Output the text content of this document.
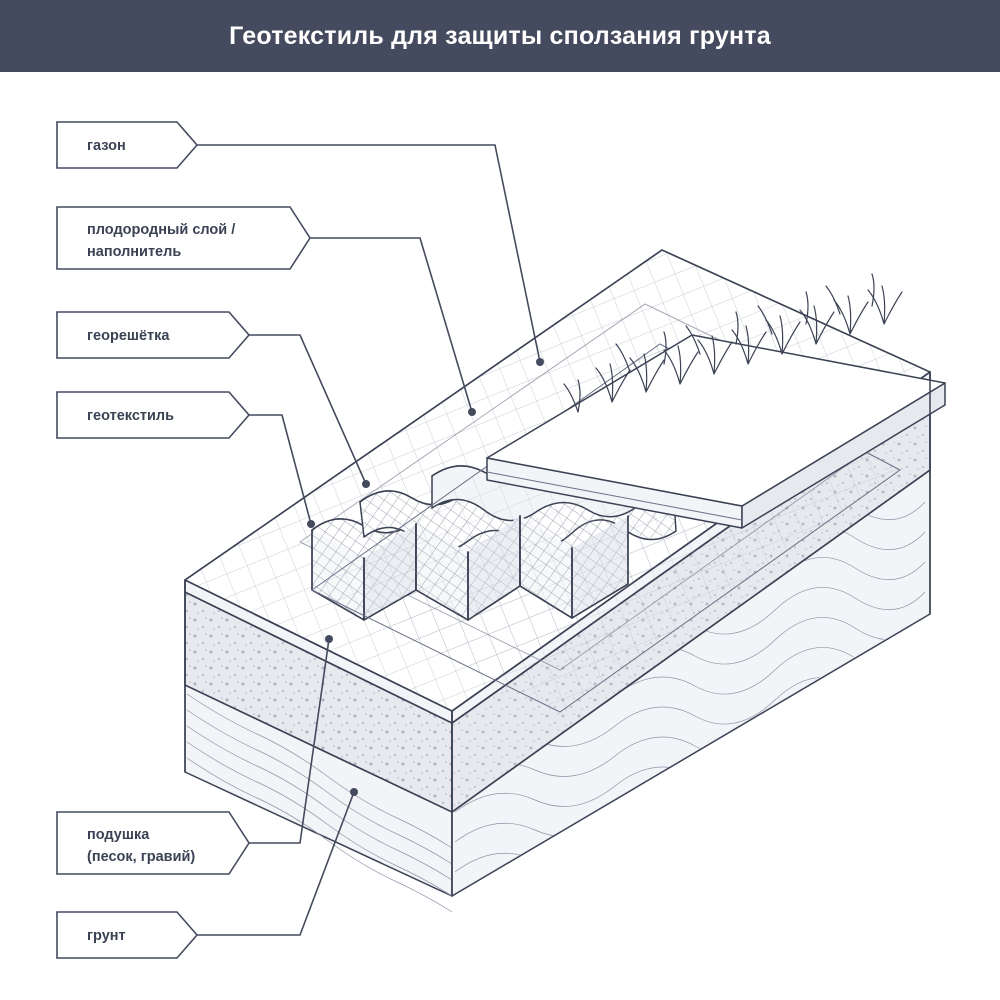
Геотекстиль для защиты сползания грунта
газон
плодородный слой /
наполнитель
георешётка
геотекстиль
подушка
(песок, гравий)
грунт
